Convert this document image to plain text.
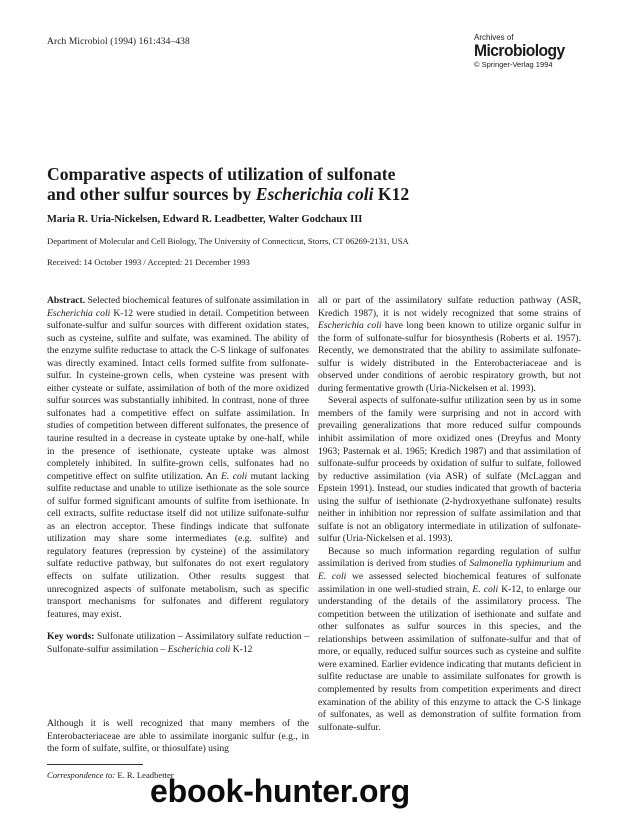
Arch Microbiol (1994) 161:434–438	Archives of
Microbiology
© Springer-Verlag 1994
Comparative aspects of utilization of sulfonate
and other sulfur sources by Escherichia coli K12
Maria R. Uria-Nickelsen, Edward R. Leadbetter, Walter Godchaux III
Department of Molecular and Cell Biology, The University of Connecticut, Storrs, CT 06269-2131, USA
Received: 14 October 1993 / Accepted: 21 December 1993

Abstract. Selected biochemical features of sulfonate assimilation in Escherichia coli K-12 were studied in detail. Competition between sulfonate-sulfur and sulfur sources with different oxidation states, such as cysteine, sulfite and sulfate, was examined. The ability of the enzyme sulfite reductase to attack the C-S linkage of sulfonates was directly examined. Intact cells formed sulfite from sulfonate-sulfur. In cysteine-grown cells, when cysteine was present with either cysteate or sulfate, assimilation of both of the more oxidized sulfur sources was substantially inhibited. In contrast, none of three sulfonates had a competitive effect on sulfate assimilation. In studies of competition between different sulfonates, the presence of taurine resulted in a decrease in cysteate uptake by one-half, while in the presence of isethionate, cysteate uptake was almost completely inhibited. In sulfite-grown cells, sulfonates had no competitive effect on sulfite utilization. An E. coli mutant lacking sulfite reductase and unable to utilize isethionate as the sole source of sulfur formed significant amounts of sulfite from isethionate. In cell extracts, sulfite reductase itself did not utilize sulfonate-sulfur as an electron acceptor. These findings indicate that sulfonate utilization may share some intermediates (e.g. sulfite) and regulatory features (repression by cysteine) of the assimilatory sulfate reductive pathway, but sulfonates do not exert regulatory effects on sulfate utilization. Other results suggest that unrecognized aspects of sulfonate metabolism, such as specific transport mechanisms for sulfonates and different regulatory features, may exist.

Key words: Sulfonate utilization – Assimilatory sulfate reduction – Sulfonate-sulfur assimilation – Escherichia coli K-12

Although it is well recognized that many members of the Enterobacteriaceae are able to assimilate inorganic sulfur (e.g., in the form of sulfate, sulfite, or thiosulfate) using
Correspondence to: E. R. Leadbetter

all or part of the assimilatory sulfate reduction pathway (ASR, Kredich 1987), it is not widely recognized that some strains of Escherichia coli have long been known to utilize organic sulfur in the form of sulfonate-sulfur for biosynthesis (Roberts et al. 1957). Recently, we demonstrated that the ability to assimilate sulfonate-sulfur is widely distributed in the Enterobacteriaceae and is observed under conditions of aerobic respiratory growth, but not during fermentative growth (Uria-Nickelsen et al. 1993).

Several aspects of sulfonate-sulfur utilization seen by us in some members of the family were surprising and not in accord with prevailing generalizations that more reduced sulfur compounds inhibit assimilation of more oxidized ones (Dreyfus and Monty 1963; Pasternak et al. 1965; Kredich 1987) and that assimilation of sulfonate-sulfur proceeds by oxidation of sulfur to sulfate, followed by reductive assimilation (via ASR) of sulfate (McLaggan and Epstein 1991). Instead, our studies indicated that growth of bacteria using the sulfur of isethionate (2-hydroxyethane sulfonate) results neither in inhibition nor repression of sulfate assimilation and that sulfate is not an obligatory intermediate in utilization of sulfonate-sulfur (Uria-Nickelsen et al. 1993).

Because so much information regarding regulation of sulfur assimilation is derived from studies of Salmonella typhimurium and E. coli we assessed selected biochemical features of sulfonate assimilation in one well-studied strain, E. coli K-12, to enlarge our understanding of the details of the assimilatory process. The competition between the utilization of isethionate and sulfate and other sulfonates as sulfur sources in this species, and the relationships between assimilation of sulfonate-sulfur and that of more, or equally, reduced sulfur sources such as cysteine and sulfite were examined. Earlier evidence indicating that mutants deficient in sulfite reductase are unable to assimilate sulfonates for growth is complemented by results from competition experiments and direct examination of the ability of this enzyme to attack the C-S linkage of sulfonates, as well as demonstration of sulfite formation from sulfonate-sulfur.

ebook-hunter.org
